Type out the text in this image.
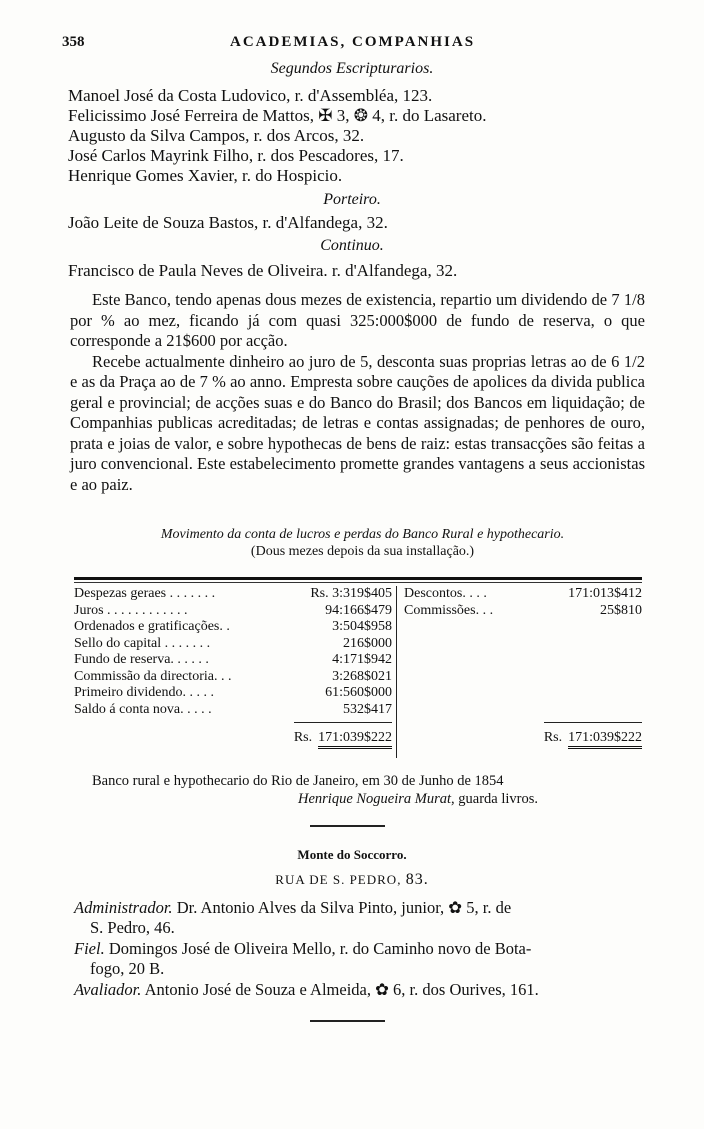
358	ACADEMIAS, COMPANHIAS
Segundos Escripturarios.
Manoel José da Costa Ludovico, r. d'Assembléa, 123.
Felicissimo José Ferreira de Mattos, ✠ 3, ❂ 4, r. do Lasareto.
Augusto da Silva Campos, r. dos Arcos, 32.
José Carlos Mayrink Filho, r. dos Pescadores, 17.
Henrique Gomes Xavier, r. do Hospicio.
Porteiro.
João Leite de Souza Bastos, r. d'Alfandega, 32.
Continuo.
Francisco de Paula Neves de Oliveira. r. d'Alfandega, 32.

Este Banco, tendo apenas dous mezes de existencia, repartio um dividendo de 7 1/8 por % ao mez, ficando já com quasi 325:000$000 de fundo de reserva, o que corresponde a 21$600 por acção.

Recebe actualmente dinheiro ao juro de 5, desconta suas proprias letras ao de 6 1/2 e as da Praça ao de 7 % ao anno. Empresta sobre cauções de apolices da divida publica geral e provincial; de acções suas e do Banco do Brasil; dos Bancos em liquidação; de Companhias publicas acreditadas; de letras e contas assignadas; de penhores de ouro, prata e joias de valor, e sobre hypothecas de bens de raiz: estas transacções são feitas a juro convencional. Este estabelecimento promette grandes vantagens a seus accionistas e ao paiz.

Movimento da conta de lucros e perdas do Banco Rural e hypothecario.
(Dous mezes depois da sua installação.)
Despezas geraes . . . . . . .	Rs. 3:319$405
Juros . . . . . . . . . . . .	94:166$479
Ordenados e gratificações. .	3:504$958
Sello do capital . . . . . . .	216$000
Fundo de reserva. . . . . .	4:171$942
Commissão da directoria. . .	3:268$021
Primeiro dividendo. . . . .	61:560$000
Saldo á conta nova. . . . .	532$417
Descontos. . . .	171:013$412
Commissões. . .	25$810
Rs. 171:039$222	Rs. 171:039$222
Banco rural e hypothecario do Rio de Janeiro, em 30 de Junho de 1854
Henrique Nogueira Murat, guarda livros.
Monte do Soccorro.
RUA DE S. PEDRO, 83.
Administrador. Dr. Antonio Alves da Silva Pinto, junior, ✿ 5, r. de
S. Pedro, 46.
Fiel. Domingos José de Oliveira Mello, r. do Caminho novo de Bota-
fogo, 20 B.
Avaliador. Antonio José de Souza e Almeida, ✿ 6, r. dos Ourives, 161.
